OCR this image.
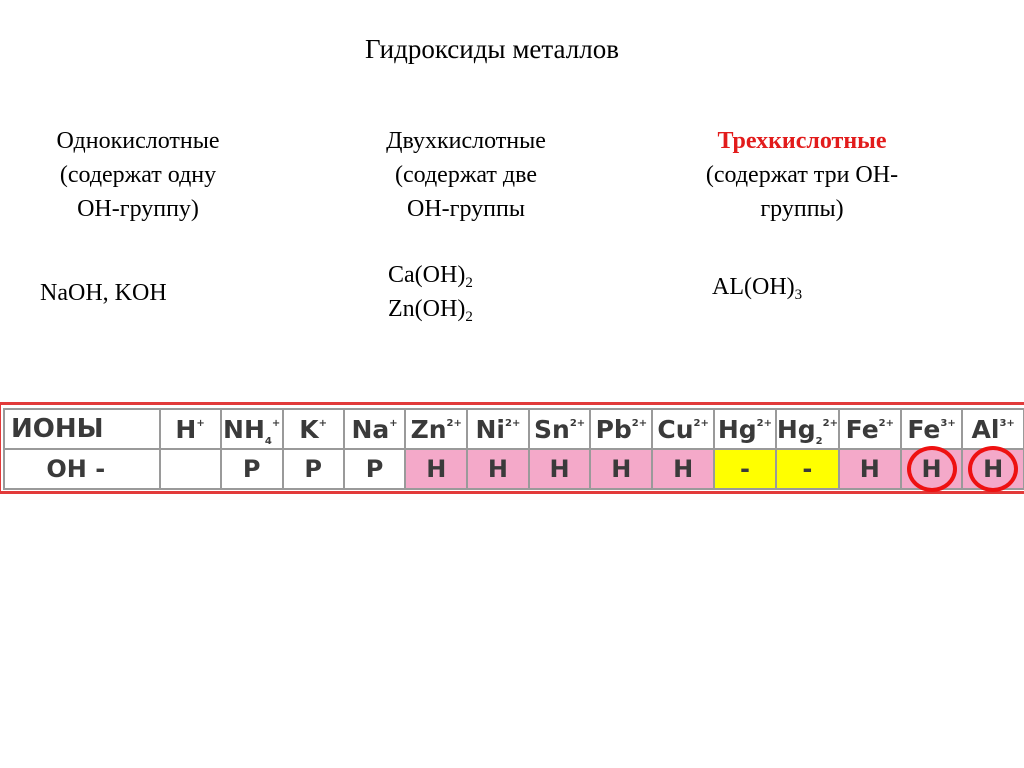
Гидроксиды металлов
Однокислотные
(содержат одну
ОН-группу)
Двухкислотные
(содержат две
ОН-группы
Трехкислотные
(содержат три ОН-
группы)
NaOH, KOH
$Ca(OH)_2$
$Zn(OH)_2$
$AL(OH)_3$
ИОНЫ	H+	$NH_4^+$	K+	Na+	$Zn^{2+}$	$Ni^{2+}$	$Sn^{2+}$	$Pb^{2+}$	$Cu^{2+}$	$Hg^{2+}$	$Hg_2^{2+}$	$Fe^{2+}$	$Fe^{3+}$	$Al^{3+}$
ОН -		Р	Р	Р	Н	Н	Н	Н	Н	-	-	Н	Н	Н
